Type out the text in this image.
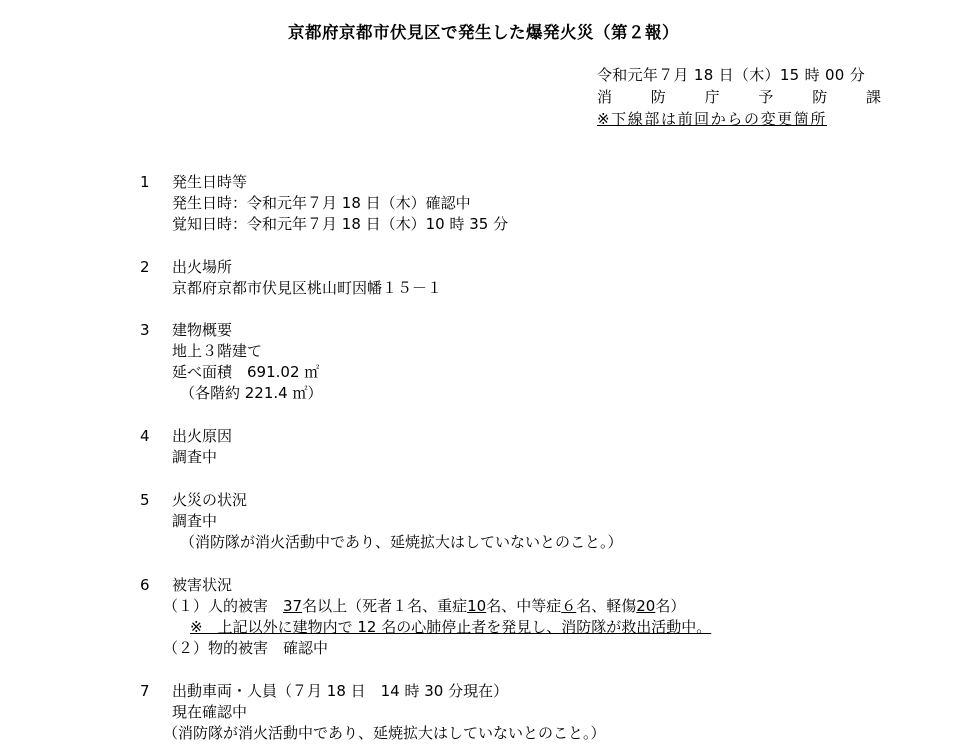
京都府京都市伏見区で発生した爆発火災（第２報）
令和元年７月 18 日（木）15 時 00 分
消	防	庁	予	防	課
※下線部は前回からの変更箇所
1 発生日時等
発生日時：令和元年７月 18 日（木）確認中
覚知日時：令和元年７月 18 日（木）10 時 35 分
2 出火場所
京都府京都市伏見区桃山町因幡１５－１
3 建物概要
地上３階建て
延べ面積　691.02 ㎡
（各階約 221.4 ㎡）
4 出火原因
調査中
5 火災の状況
調査中
（消防隊が消火活動中であり、延焼拡大はしていないとのこと。）
6 被害状況
（１）人的被害　37名以上（死者１名、重症10名、中等症６名、軽傷20名）
※　上記以外に建物内で 12 名の心肺停止者を発見し、消防隊が救出活動中。
（２）物的被害　確認中
7 出動車両・人員（７月 18 日　14 時 30 分現在）
現在確認中
（消防隊が消火活動中であり、延焼拡大はしていないとのこと。）
